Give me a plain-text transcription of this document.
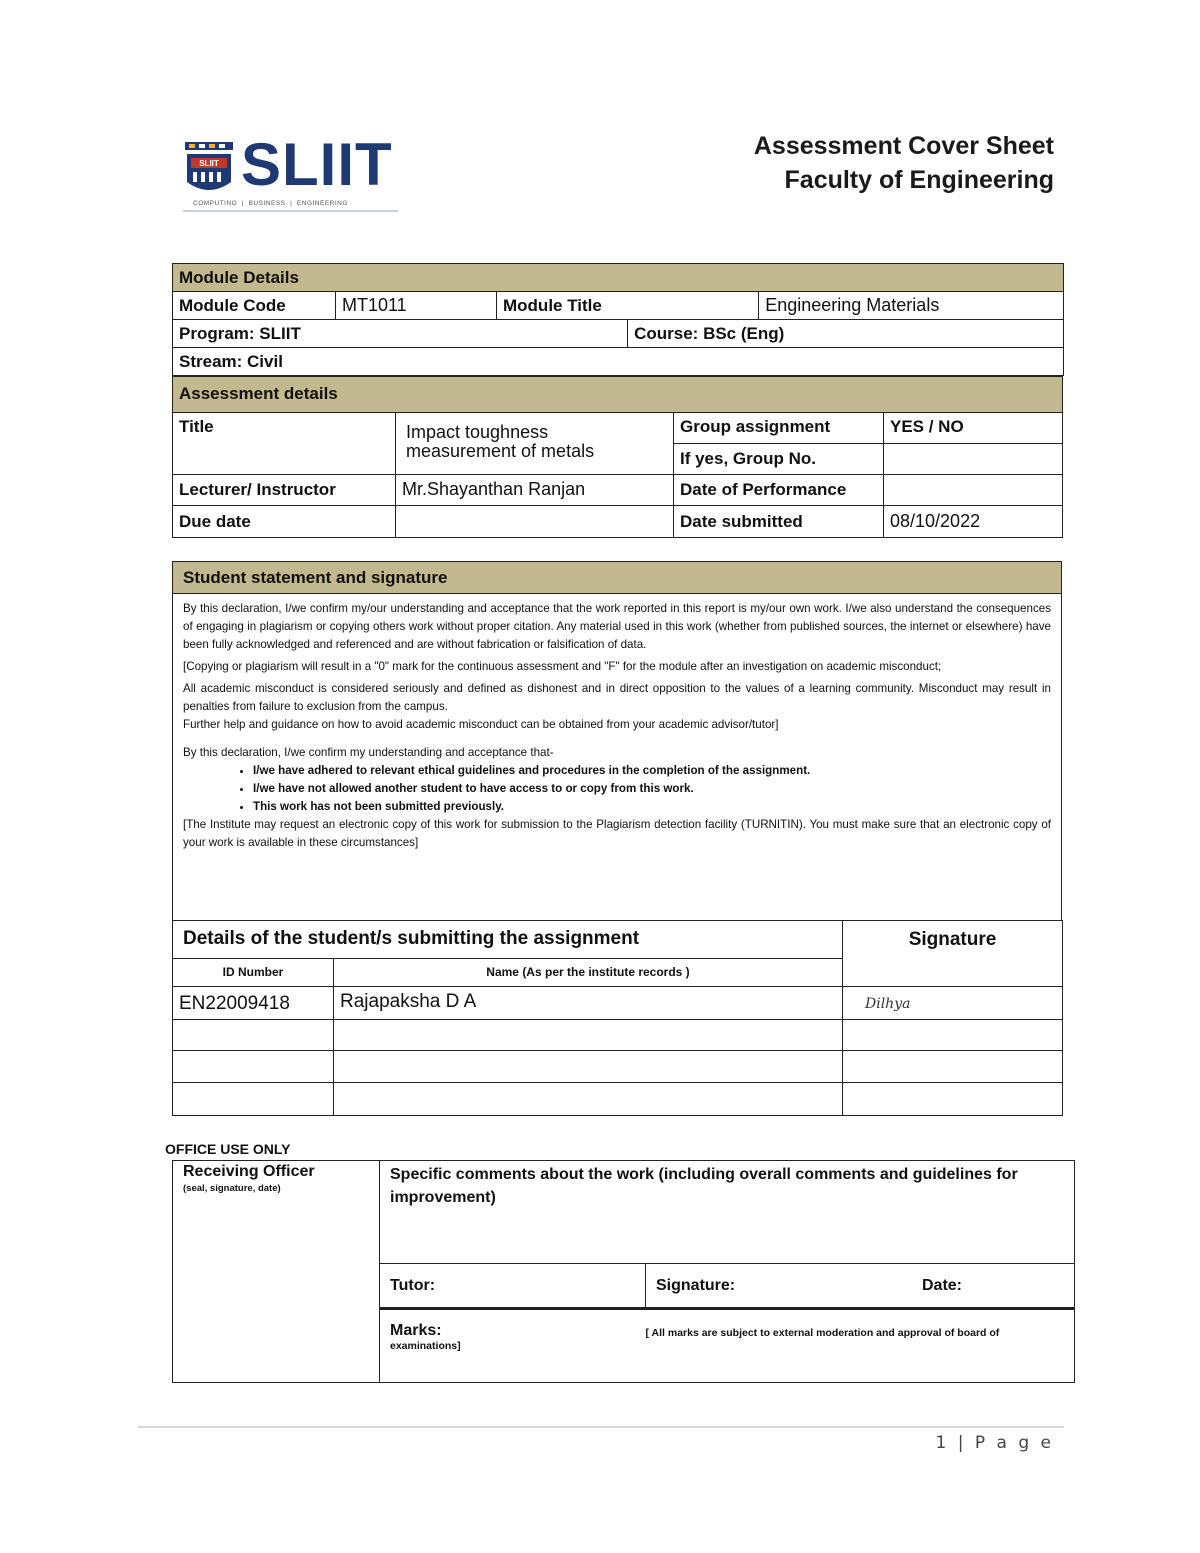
SLIIT SLIIT
COMPUTING  |  BUSINESS  |  ENGINEERING
Assessment Cover Sheet
Faculty of Engineering
Module Details				
Module Code	MT1011	Module Title		Engineering Materials
Program: SLIIT			Course: BSc (Eng)	
Stream: Civil				
Assessment details			
Title	Impact toughness measurement of metals	Group assignment	YES / NO
		If yes, Group No.	
Lecturer/ Instructor	Mr.Shayanthan Ranjan	Date of Performance	
Due date		Date submitted	08/10/2022
Student statement and signature

By this declaration, I/we confirm my/our understanding and acceptance that the work reported in this report is my/our own work. I/we also understand the consequences of engaging in plagiarism or copying others work without proper citation. Any material used in this work (whether from published sources, the internet or elsewhere) have been fully acknowledged and referenced and are without fabrication or falsification of data.

[Copying or plagiarism will result in a "0" mark for the continuous assessment and "F" for the module after an investigation on academic misconduct;

All academic misconduct is considered seriously and defined as dishonest and in direct opposition to the values of a learning community. Misconduct may result in penalties from failure to exclusion from the campus.

Further help and guidance on how to avoid academic misconduct can be obtained from your academic advisor/tutor]

By this declaration, I/we confirm my understanding and acceptance that-

• I/we have adhered to relevant ethical guidelines and procedures in the completion of the assignment.
• I/we have not allowed another student to have access to or copy from this work.
• This work has not been submitted previously.

[The Institute may request an electronic copy of this work for submission to the Plagiarism detection facility (TURNITIN). You must make sure that an electronic copy of your work is available in these circumstances]

Details of the student/s submitting the assignment		Signature
ID Number	Name (As per the institute records )	
EN22009418	Rajapaksha D A	Dilhya

OFFICE USE ONLY
Receiving Officer
(seal, signature, date)	Specific comments about the work (including overall comments and guidelines for improvement)		
	Tutor:	Signature:	Date:

	Marks:
examinations]	[ All marks are subject to external moderation and approval of board of	
1 | P a g e
